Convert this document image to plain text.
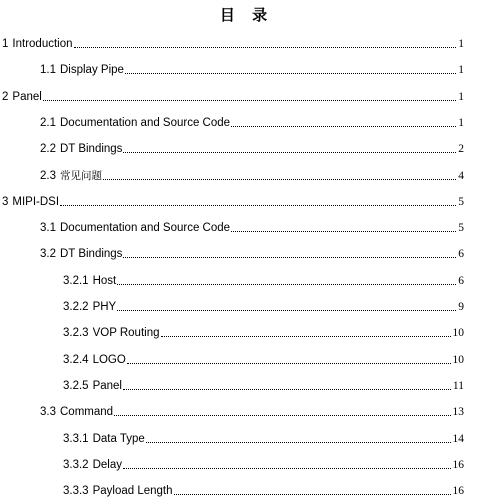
目 录
1 Introduction	1
1.1 Display Pipe	1
2 Panel	1
2.1 Documentation and Source Code	1
2.2 DT Bindings	2
2.3 常见问题	4
3 MIPI-DSI	5
3.1 Documentation and Source Code	5
3.2 DT Bindings	6
3.2.1 Host	6
3.2.2 PHY	9
3.2.3 VOP Routing	10
3.2.4 LOGO	10
3.2.5 Panel	11
3.3 Command	13
3.3.1 Data Type	14
3.3.2 Delay	16
3.3.3 Payload Length	16
